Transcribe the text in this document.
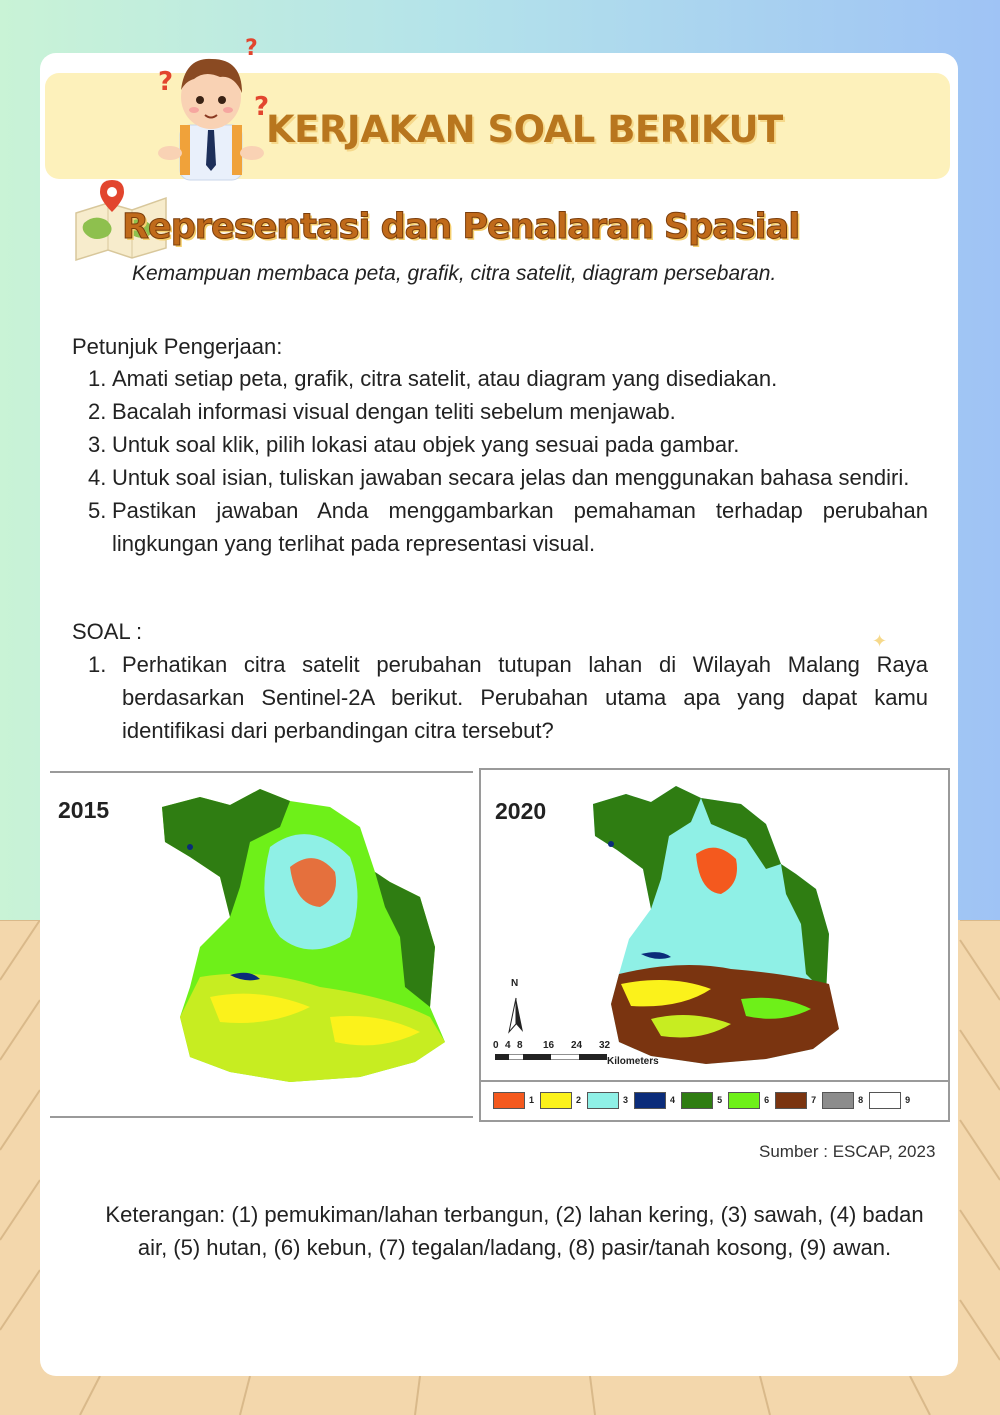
?
?
?
KERJAKAN SOAL BERIKUT
Representasi dan Penalaran Spasial
Kemampuan membaca peta, grafik, citra satelit, diagram persebaran.
Petunjuk Pengerjaan:
1. Amati setiap peta, grafik, citra satelit, atau diagram yang disediakan.
2. Bacalah informasi visual dengan teliti sebelum menjawab.
3. Untuk soal klik, pilih lokasi atau objek yang sesuai pada gambar.
4. Untuk soal isian, tuliskan jawaban secara jelas dan menggunakan bahasa sendiri.
5. Pastikan jawaban Anda menggambarkan pemahaman terhadap perubahan lingkungan yang terlihat pada representasi visual.
SOAL :	✦
1. Perhatikan citra satelit perubahan tutupan lahan di Wilayah Malang Raya berdasarkan Sentinel-2A berikut. Perubahan utama apa yang dapat kamu identifikasi dari perbandingan citra tersebut?
2015	2020
N
0 4 8 16 24 32
Kilometers
1	2	3	4	5	6	7	8	9
Sumber : ESCAP, 2023
Keterangan: (1) pemukiman/lahan terbangun, (2) lahan kering, (3) sawah, (4) badan air, (5) hutan, (6) kebun, (7) tegalan/ladang, (8) pasir/tanah kosong, (9) awan.
